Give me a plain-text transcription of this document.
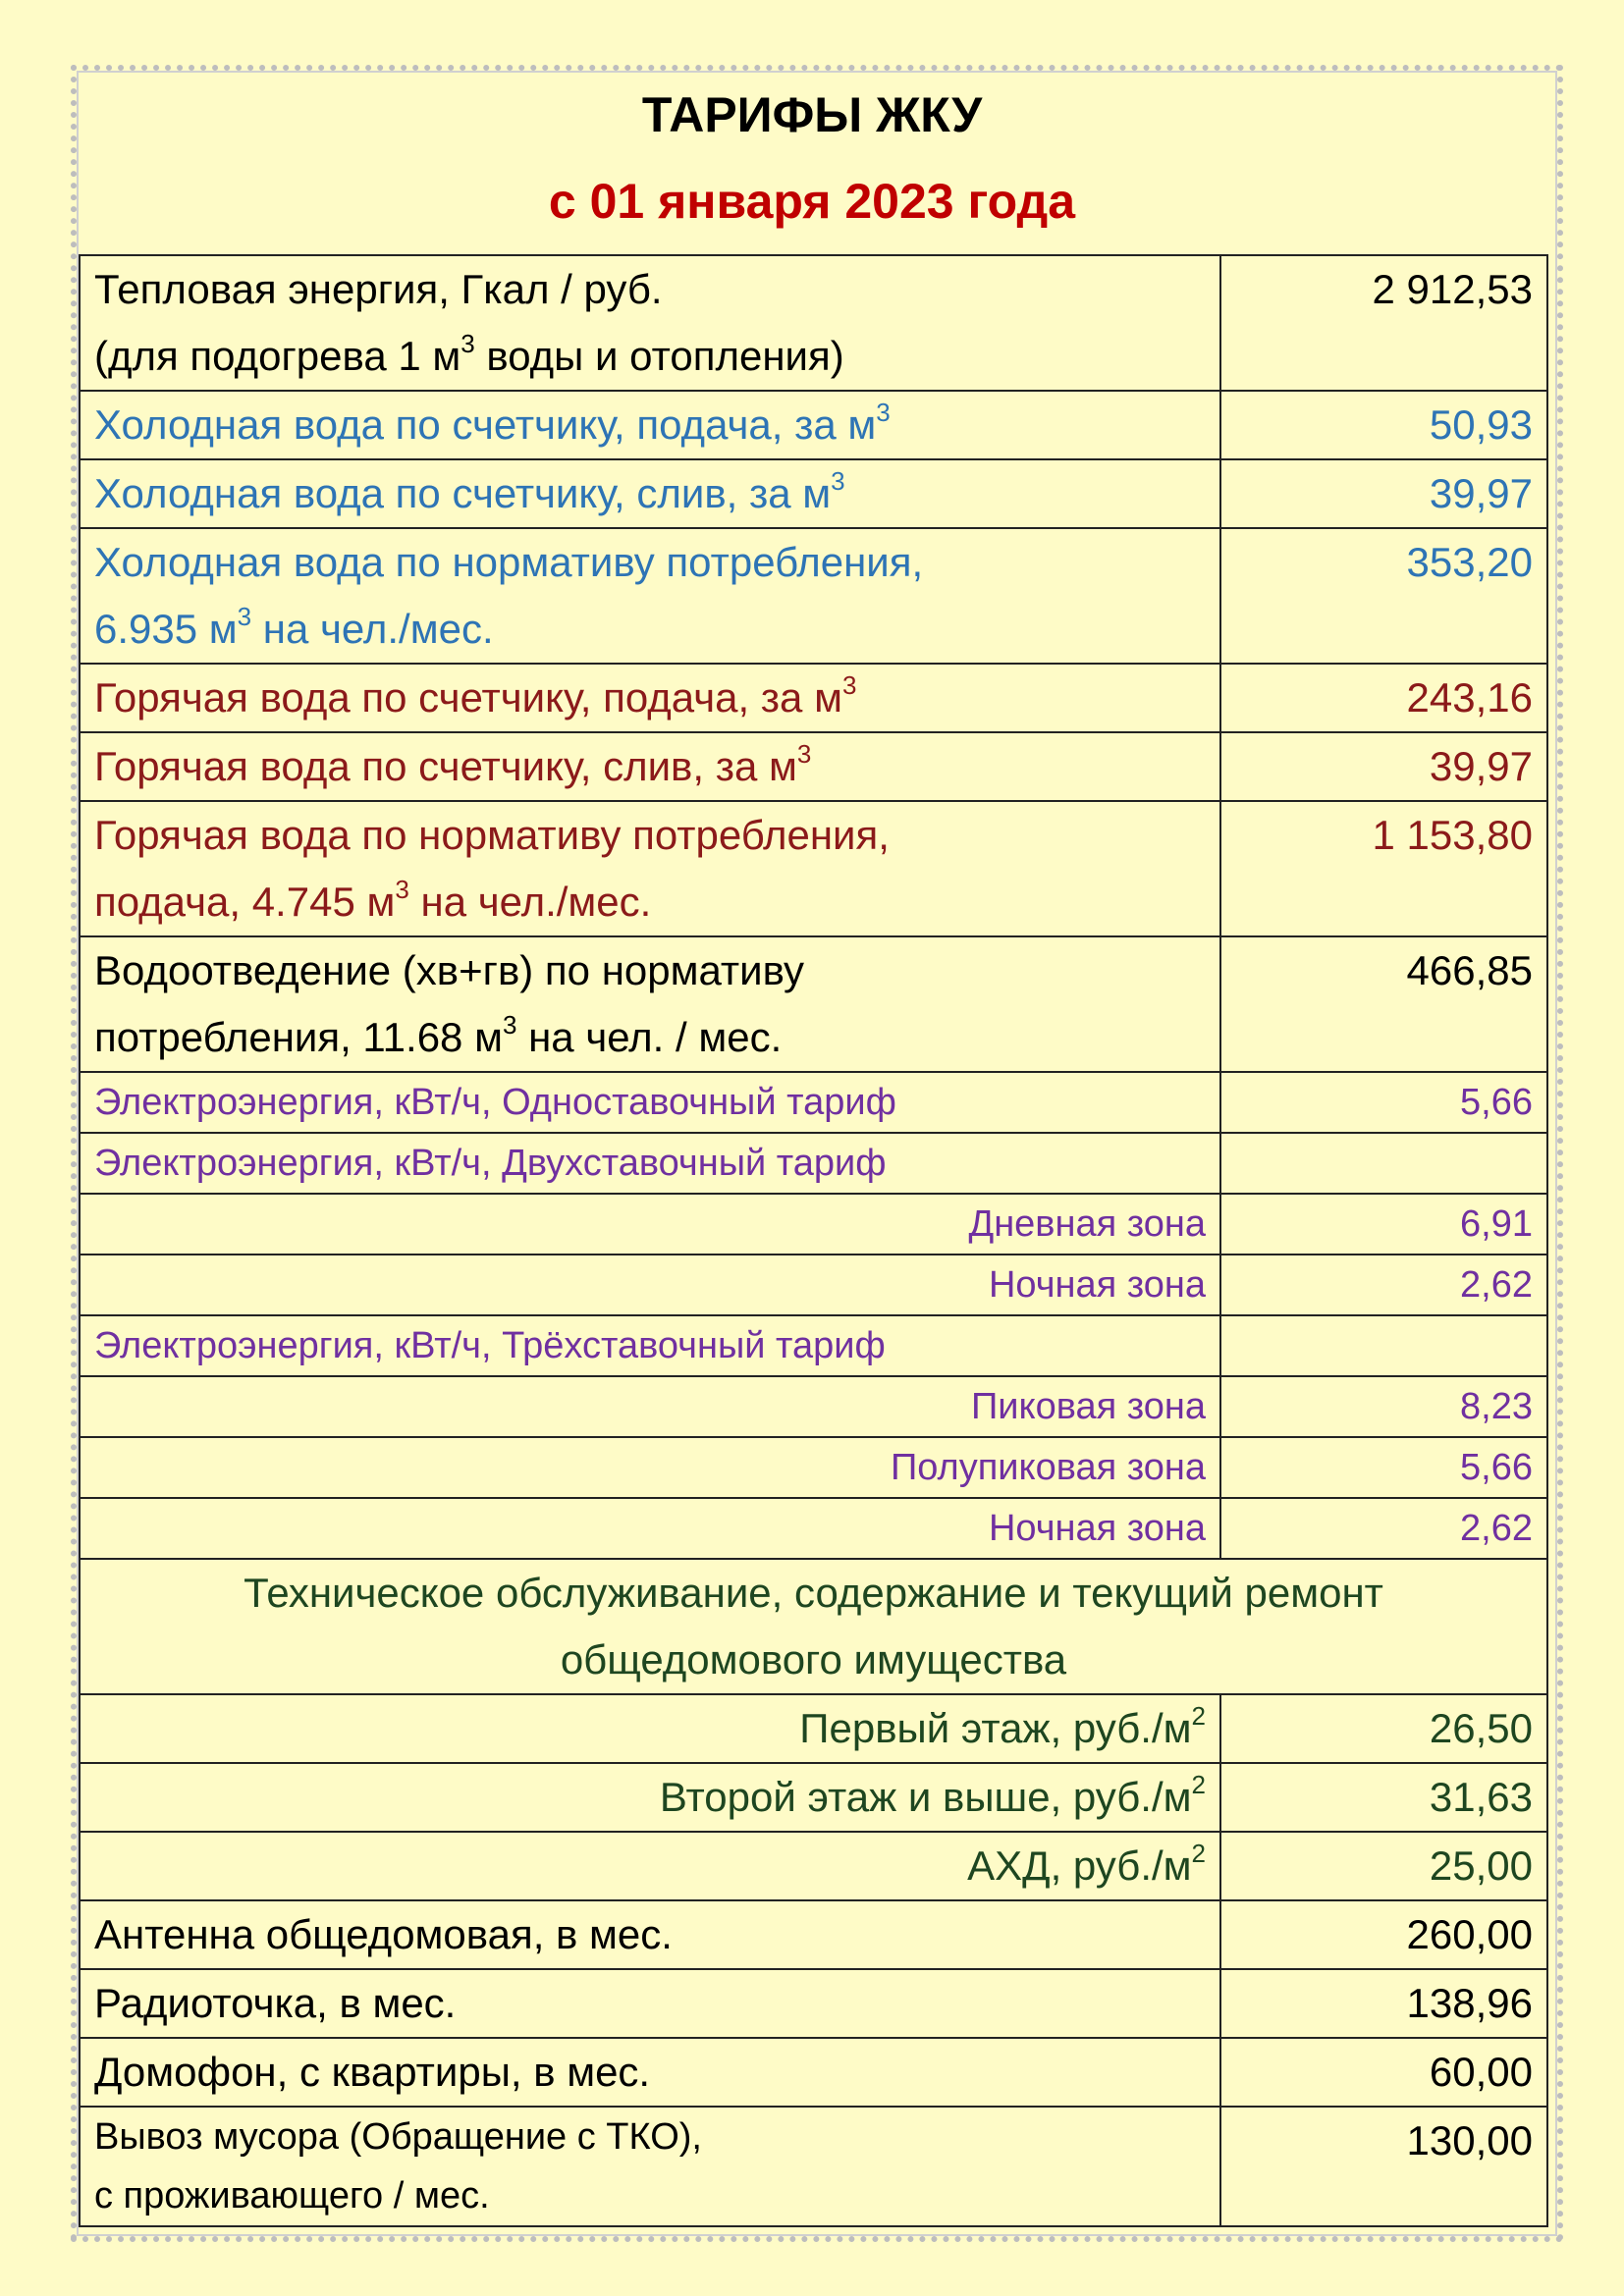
ТАРИФЫ ЖКУ
с 01 января 2023 года
Тепловая энергия, Гкал / руб.
(для подогрева 1 $м^3$ воды и отопления)	2 912,53
Холодная вода по счетчику, подача, за $м^3$	50,93
Холодная вода по счетчику, слив, за $м^3$	39,97
Холодная вода по нормативу потребления,
6.935 $м^3$ на чел./мес.	353,20
Горячая вода по счетчику, подача, за $м^3$	243,16
Горячая вода по счетчику, слив, за $м^3$	39,97
Горячая вода по нормативу потребления,
подача, 4.745 $м^3$ на чел./мес.	1 153,80
Водоотведение (хв+гв) по нормативу
потребления, 11.68 $м^3$ на чел. / мес.	466,85
Электроэнергия, кВт/ч, Одноставочный тариф	5,66
Электроэнергия, кВт/ч, Двухставочный тариф	
Дневная зона	6,91
Ночная зона	2,62
Электроэнергия, кВт/ч, Трёхставочный тариф	
Пиковая зона	8,23
Полупиковая зона	5,66
Ночная зона	2,62
Техническое обслуживание, содержание и текущий ремонт
общедомового имущества	
Первый этаж, $руб./м^2$	26,50
Второй этаж и выше, $руб./м^2$	31,63
АХД, $руб./м^2$	25,00
Антенна общедомовая, в мес.	260,00
Радиоточка, в мес.	138,96
Домофон, с квартиры, в мес.	60,00
Вывоз мусора (Обращение с ТКО),
с проживающего / мес.	130,00
